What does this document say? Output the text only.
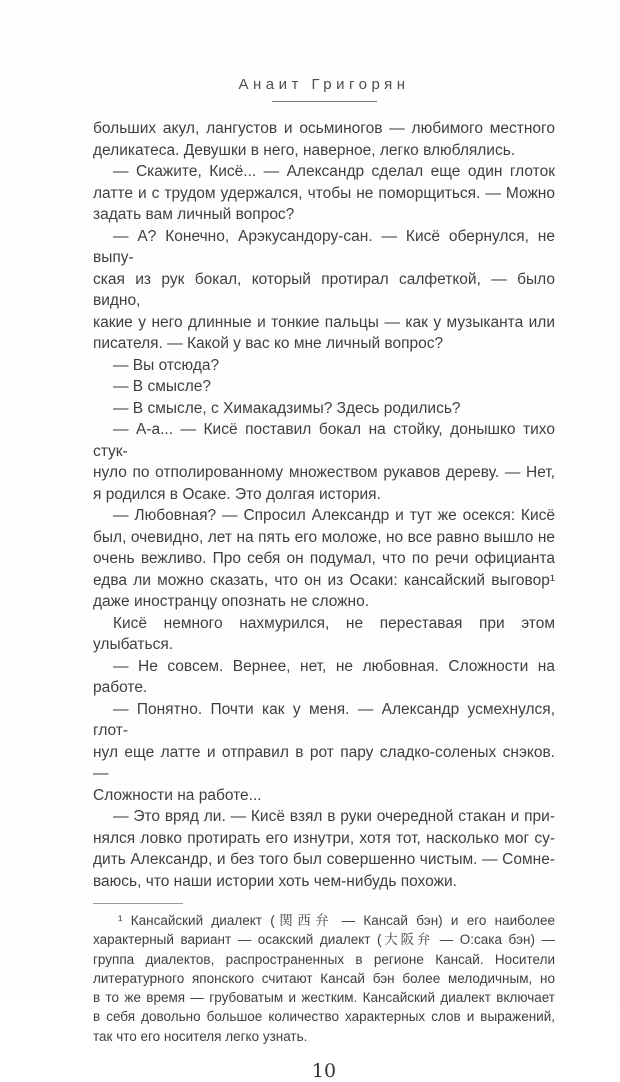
Анаит Григорян
больших акул, лангустов и осьминогов — любимого местного
деликатеса. Девушки в него, наверное, легко влюблялись.
— Скажите, Кисё... — Александр сделал еще один глоток
латте и с трудом удержался, чтобы не поморщиться. — Можно
задать вам личный вопрос?
— А? Конечно, Арэкусандору-сан. — Кисё обернулся, не выпу-
ская из рук бокал, который протирал салфеткой, — было видно,
какие у него длинные и тонкие пальцы — как у музыканта или
писателя. — Какой у вас ко мне личный вопрос?
— Вы отсюда?
— В смысле?
— В смысле, с Химакадзимы? Здесь родились?
— А-а... — Кисё поставил бокал на стойку, донышко тихо стук-
нуло по отполированному множеством рукавов дереву. — Нет,
я родился в Осаке. Это долгая история.
— Любовная? — Спросил Александр и тут же осекся: Кисё
был, очевидно, лет на пять его моложе, но все равно вышло не
очень вежливо. Про себя он подумал, что по речи официанта
едва ли можно сказать, что он из Осаки: кансайский выговор¹
даже иностранцу опознать не сложно.
Кисё немного нахмурился, не переставая при этом улыбаться.
— Не совсем. Вернее, нет, не любовная. Сложности на работе.
— Понятно. Почти как у меня. — Александр усмехнулся, глот-
нул еще латте и отправил в рот пару сладко-соленых снэков. —
Сложности на работе...
— Это вряд ли. — Кисё взял в руки очередной стакан и при-
нялся ловко протирать его изнутри, хотя тот, насколько мог су-
дить Александр, и без того был совершенно чистым. — Сомне-
ваюсь, что наши истории хоть чем-нибудь похожи.
¹ Кансайский диалект (関西弁 — Кансай бэн) и его наиболее
характерный вариант — осакский диалект (大阪弁 — О:сака бэн) —
группа диалектов, распространенных в регионе Кансай. Носители
литературного японского считают Кансай бэн более мелодичным, но
в то же время — грубоватым и жестким. Кансайский диалект включает
в себя довольно большое количество характерных слов и выражений,
так что его носителя легко узнать.
10
